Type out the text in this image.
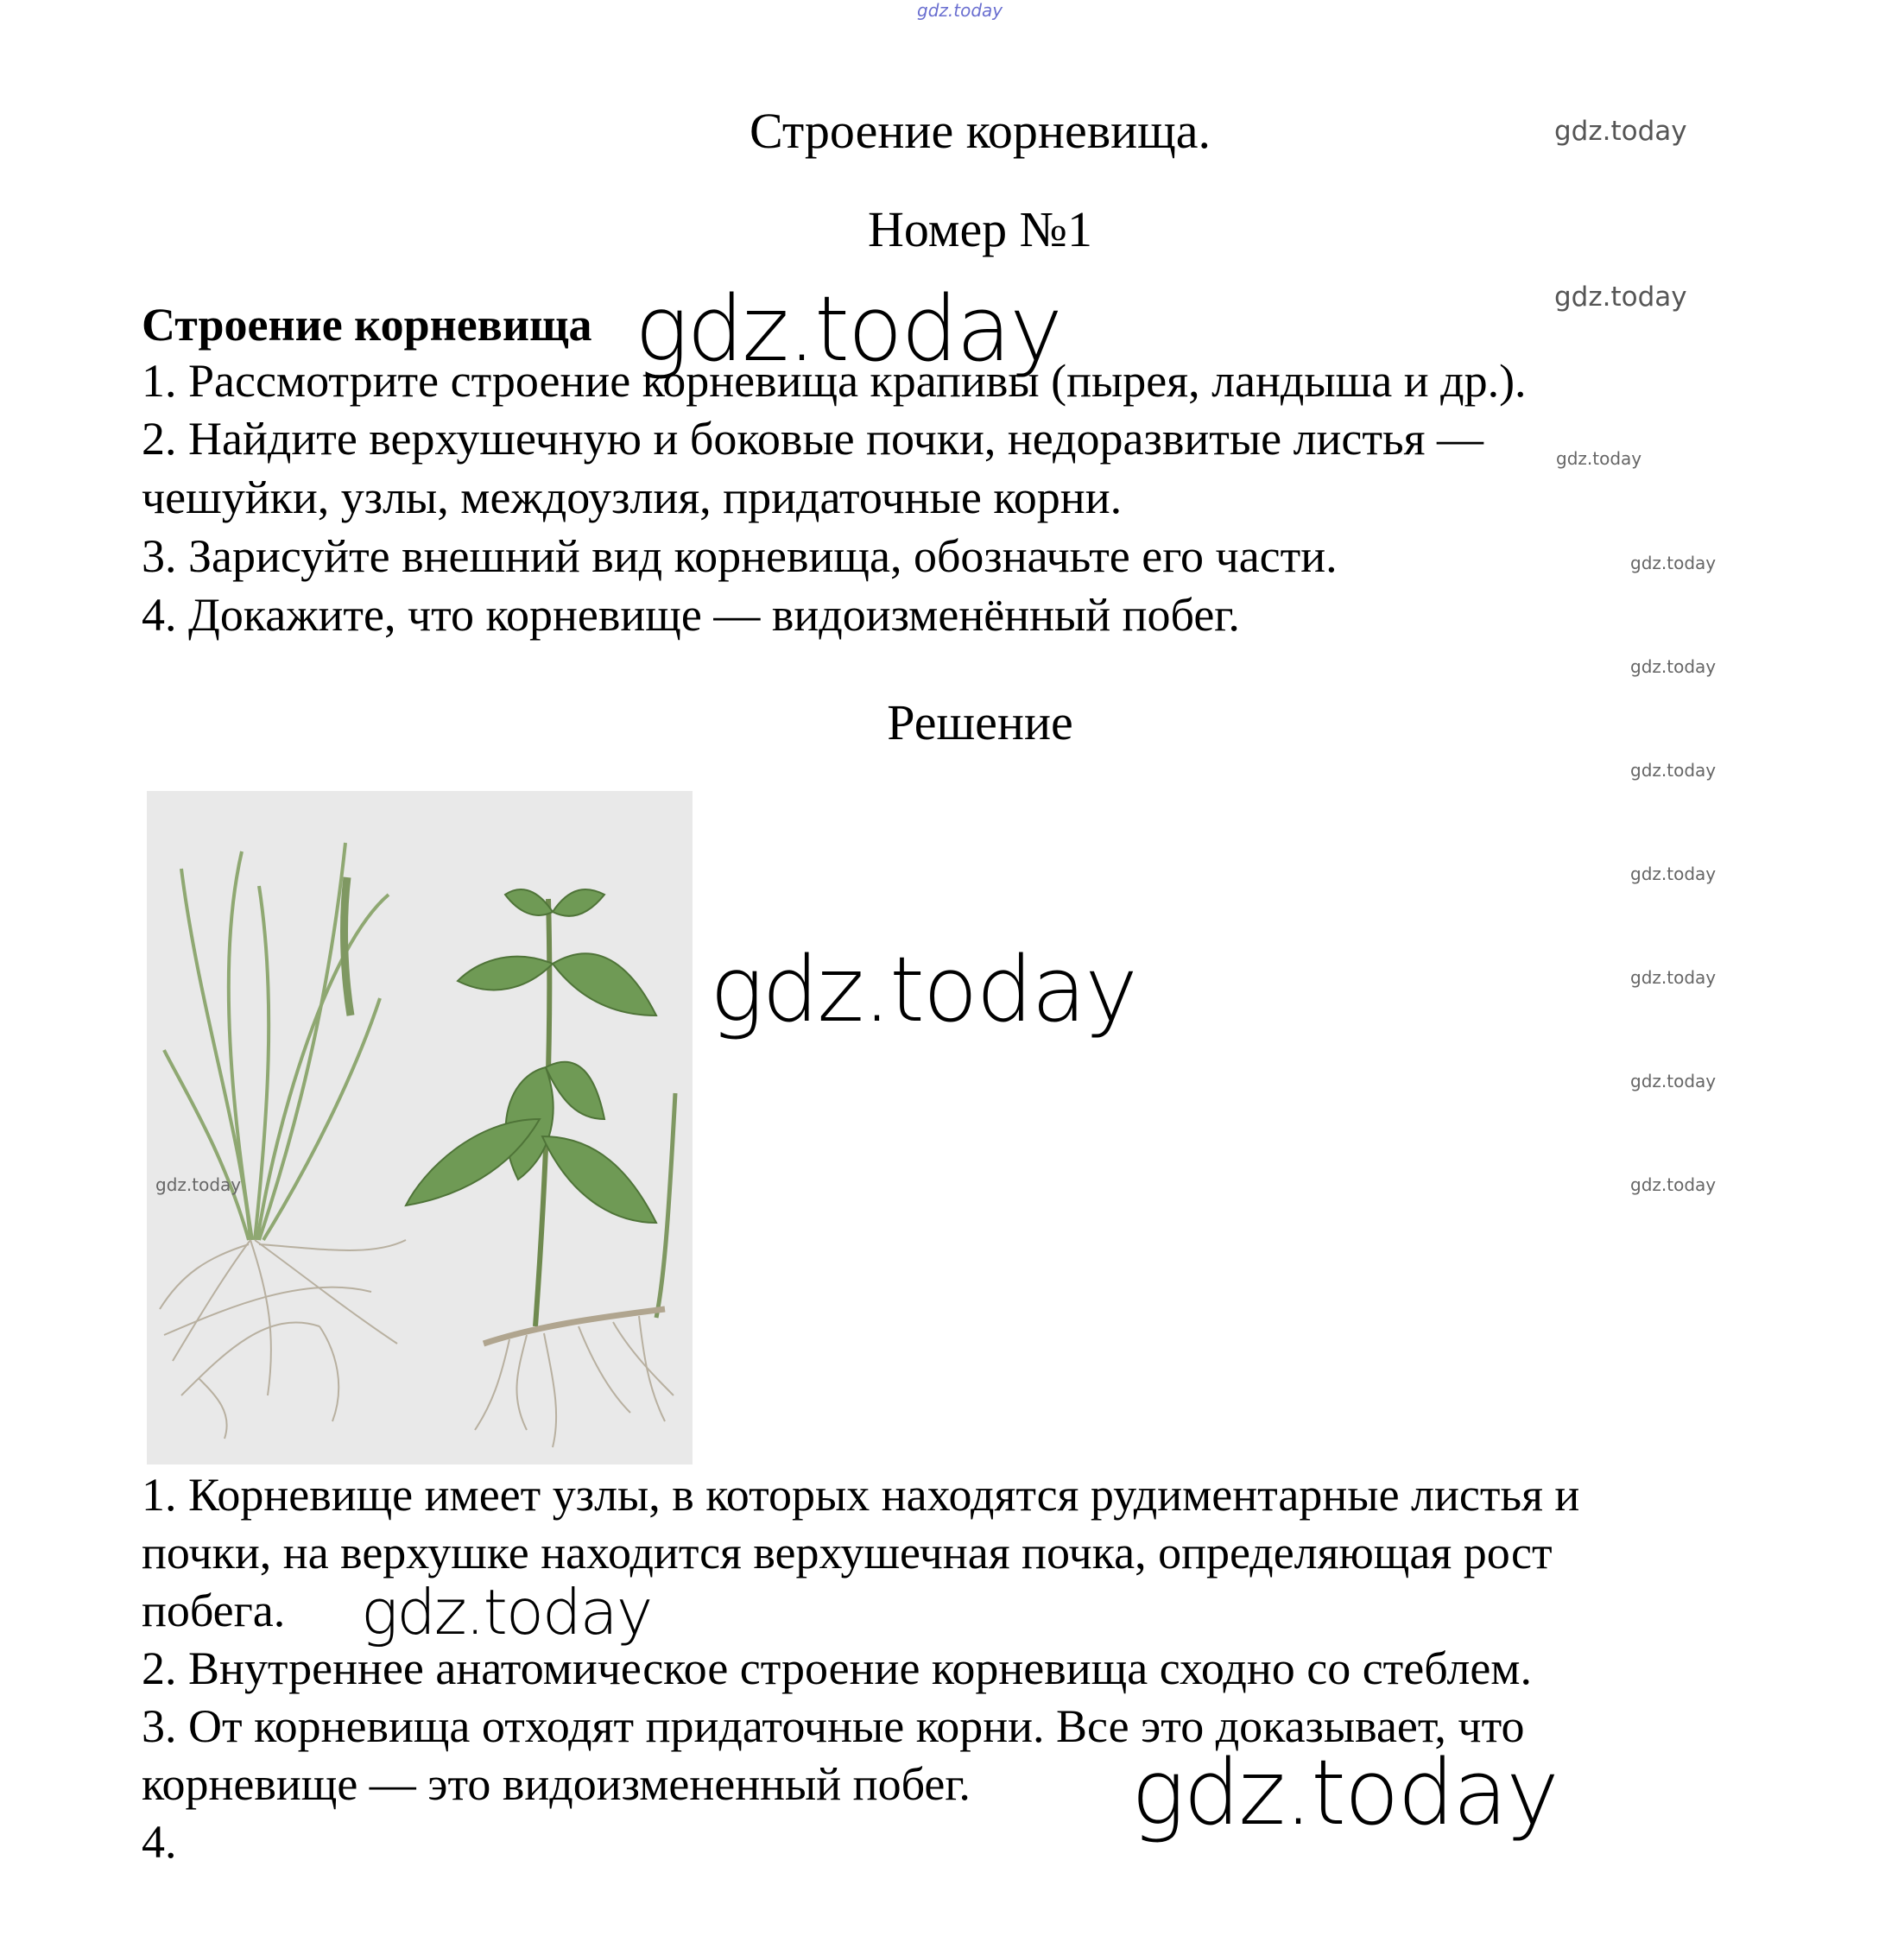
gdz.today
Строение корневища.
Номер №1
Строение корневища
1. Рассмотрите строение корневища крапивы (пырея, ландыша и др.).
2. Найдите верхушечную и боковые почки, недоразвитые листья —
чешуйки, узлы, междоузлия, придаточные корни.
3. Зарисуйте внешний вид корневища, обозначьте его части.
4. Докажите, что корневище — видоизменённый побег.
Решение
gdz.today
1. Корневище имеет узлы, в которых находятся рудиментарные листья и
почки, на верхушке находится верхушечная почка, определяющая рост
побега.
2. Внутреннее анатомическое строение корневища сходно со стеблем.
3. От корневища отходят придаточные корни. Все это доказывает, что
корневище — это видоизмененный побег.
4.
gdz.today
gdz.today
gdz.today
gdz.today
gdz.today
gdz.today
gdz.today
gdz.today
gdz.today
gdz.today
gdz.today
gdz.today
gdz.today
gdz.today
